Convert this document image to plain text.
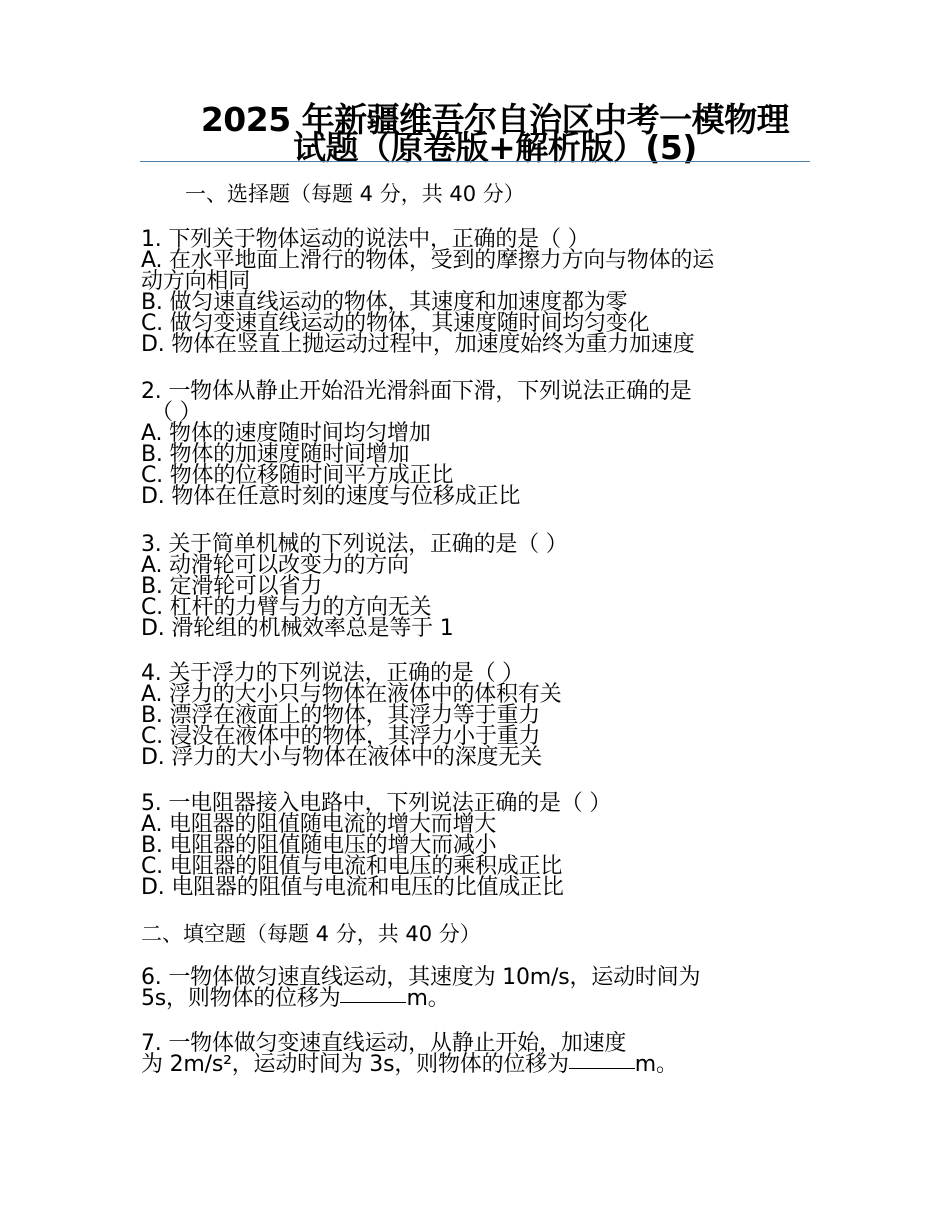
2025 年新疆维吾尔自治区中考一模物理
试题（原卷版+解析版）(5)
一、选择题（每题 4 分，共 40 分）
1. 下列关于物体运动的说法中，正确的是（ ）
A. 在水平地面上滑行的物体，受到的摩擦力方向与物体的运
动方向相同
B. 做匀速直线运动的物体，其速度和加速度都为零
C. 做匀变速直线运动的物体，其速度随时间均匀变化
D. 物体在竖直上抛运动过程中，加速度始终为重力加速度
2. 一物体从静止开始沿光滑斜面下滑，下列说法正确的是
（ ）
A. 物体的速度随时间均匀增加
B. 物体的加速度随时间增加
C. 物体的位移随时间平方成正比
D. 物体在任意时刻的速度与位移成正比
3. 关于简单机械的下列说法，正确的是（ ）
A. 动滑轮可以改变力的方向
B. 定滑轮可以省力
C. 杠杆的力臂与力的方向无关
D. 滑轮组的机械效率总是等于 1
4. 关于浮力的下列说法，正确的是（ ）
A. 浮力的大小只与物体在液体中的体积有关
B. 漂浮在液面上的物体，其浮力等于重力
C. 浸没在液体中的物体，其浮力小于重力
D. 浮力的大小与物体在液体中的深度无关
5. 一电阻器接入电路中，下列说法正确的是（ ）
A. 电阻器的阻值随电流的增大而增大
B. 电阻器的阻值随电压的增大而减小
C. 电阻器的阻值与电流和电压的乘积成正比
D. 电阻器的阻值与电流和电压的比值成正比
二、填空题（每题 4 分，共 40 分）
6. 一物体做匀速直线运动，其速度为 10m/s，运动时间为
5s，则物体的位移为	m。
7. 一物体做匀变速直线运动，从静止开始，加速度
为 2m/s²，运动时间为 3s，则物体的位移为	m。
